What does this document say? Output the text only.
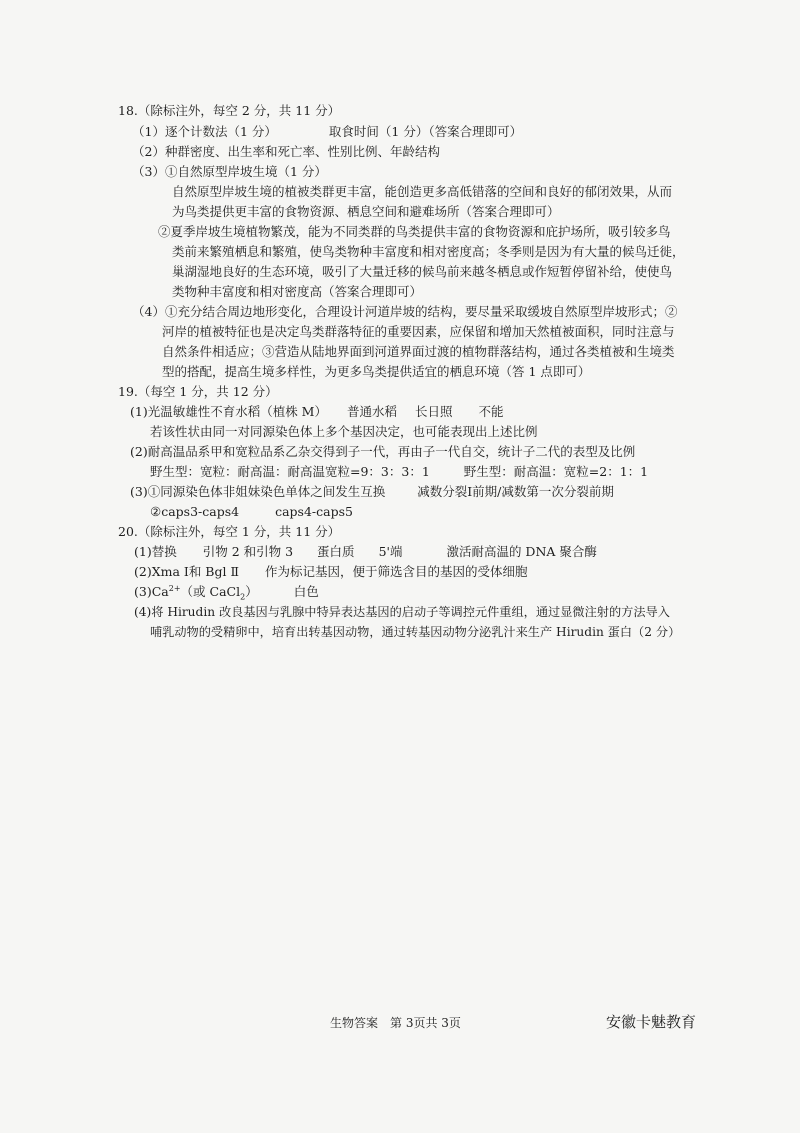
18.（除标注外，每空 2 分，共 11 分）
（1）逐个计数法（1 分）	取食时间（1 分）（答案合理即可）
（2）种群密度、出生率和死亡率、性别比例、年龄结构
（3）①自然原型岸坡生境（1 分）
自然原型岸坡生境的植被类群更丰富，能创造更多高低错落的空间和良好的郁闭效果，从而
为鸟类提供更丰富的食物资源、栖息空间和避难场所（答案合理即可）
②夏季岸坡生境植物繁茂，能为不同类群的鸟类提供丰富的食物资源和庇护场所，吸引较多鸟
类前来繁殖栖息和繁殖，使鸟类物种丰富度和相对密度高；冬季则是因为有大量的候鸟迁徙，
巢湖湿地良好的生态环境，吸引了大量迁移的候鸟前来越冬栖息或作短暂停留补给，使使鸟
类物种丰富度和相对密度高（答案合理即可）
（4）①充分结合周边地形变化，合理设计河道岸坡的结构，要尽量采取缓坡自然原型岸坡形式；②
河岸的植被特征也是决定鸟类群落特征的重要因素，应保留和增加天然植被面积，同时注意与
自然条件相适应；③营造从陆地界面到河道界面过渡的植物群落结构，通过各类植被和生境类
型的搭配，提高生境多样性，为更多鸟类提供适宜的栖息环境（答 1 点即可）
19.（每空 1 分，共 12 分）
(1)光温敏雄性不育水稻（植株 M） 普通水稻 长日照 不能
若该性状由同一对同源染色体上多个基因决定，也可能表现出上述比例
(2)耐高温品系甲和宽粒品系乙杂交得到子一代，再由子一代自交，统计子二代的表型及比例
野生型：宽粒：耐高温：耐高温宽粒=9：3：3：1	野生型：耐高温：宽粒=2：1：1
(3)①同源染色体非姐妹染色单体之间发生互换	减数分裂Ⅰ前期/减数第一次分裂前期
②caps3-caps4	caps4-caps5
20.（除标注外，每空 1 分，共 11 分）
(1)替换 引物 2 和引物 3 蛋白质 5'端	激活耐高温的 DNA 聚合酶
(2)Xma Ⅰ和 Bgl Ⅱ 作为标记基因，便于筛选含目的基因的受体细胞
$(3)Ca^{2+}$（或 CaCl$_2$）	白色
(4)将 Hirudin 改良基因与乳腺中特异表达基因的启动子等调控元件重组，通过显微注射的方法导入
哺乳动物的受精卵中，培育出转基因动物，通过转基因动物分泌乳汁来生产 Hirudin 蛋白（2 分）
生物答案　第 3页共 3页	安徽卡魅教育
